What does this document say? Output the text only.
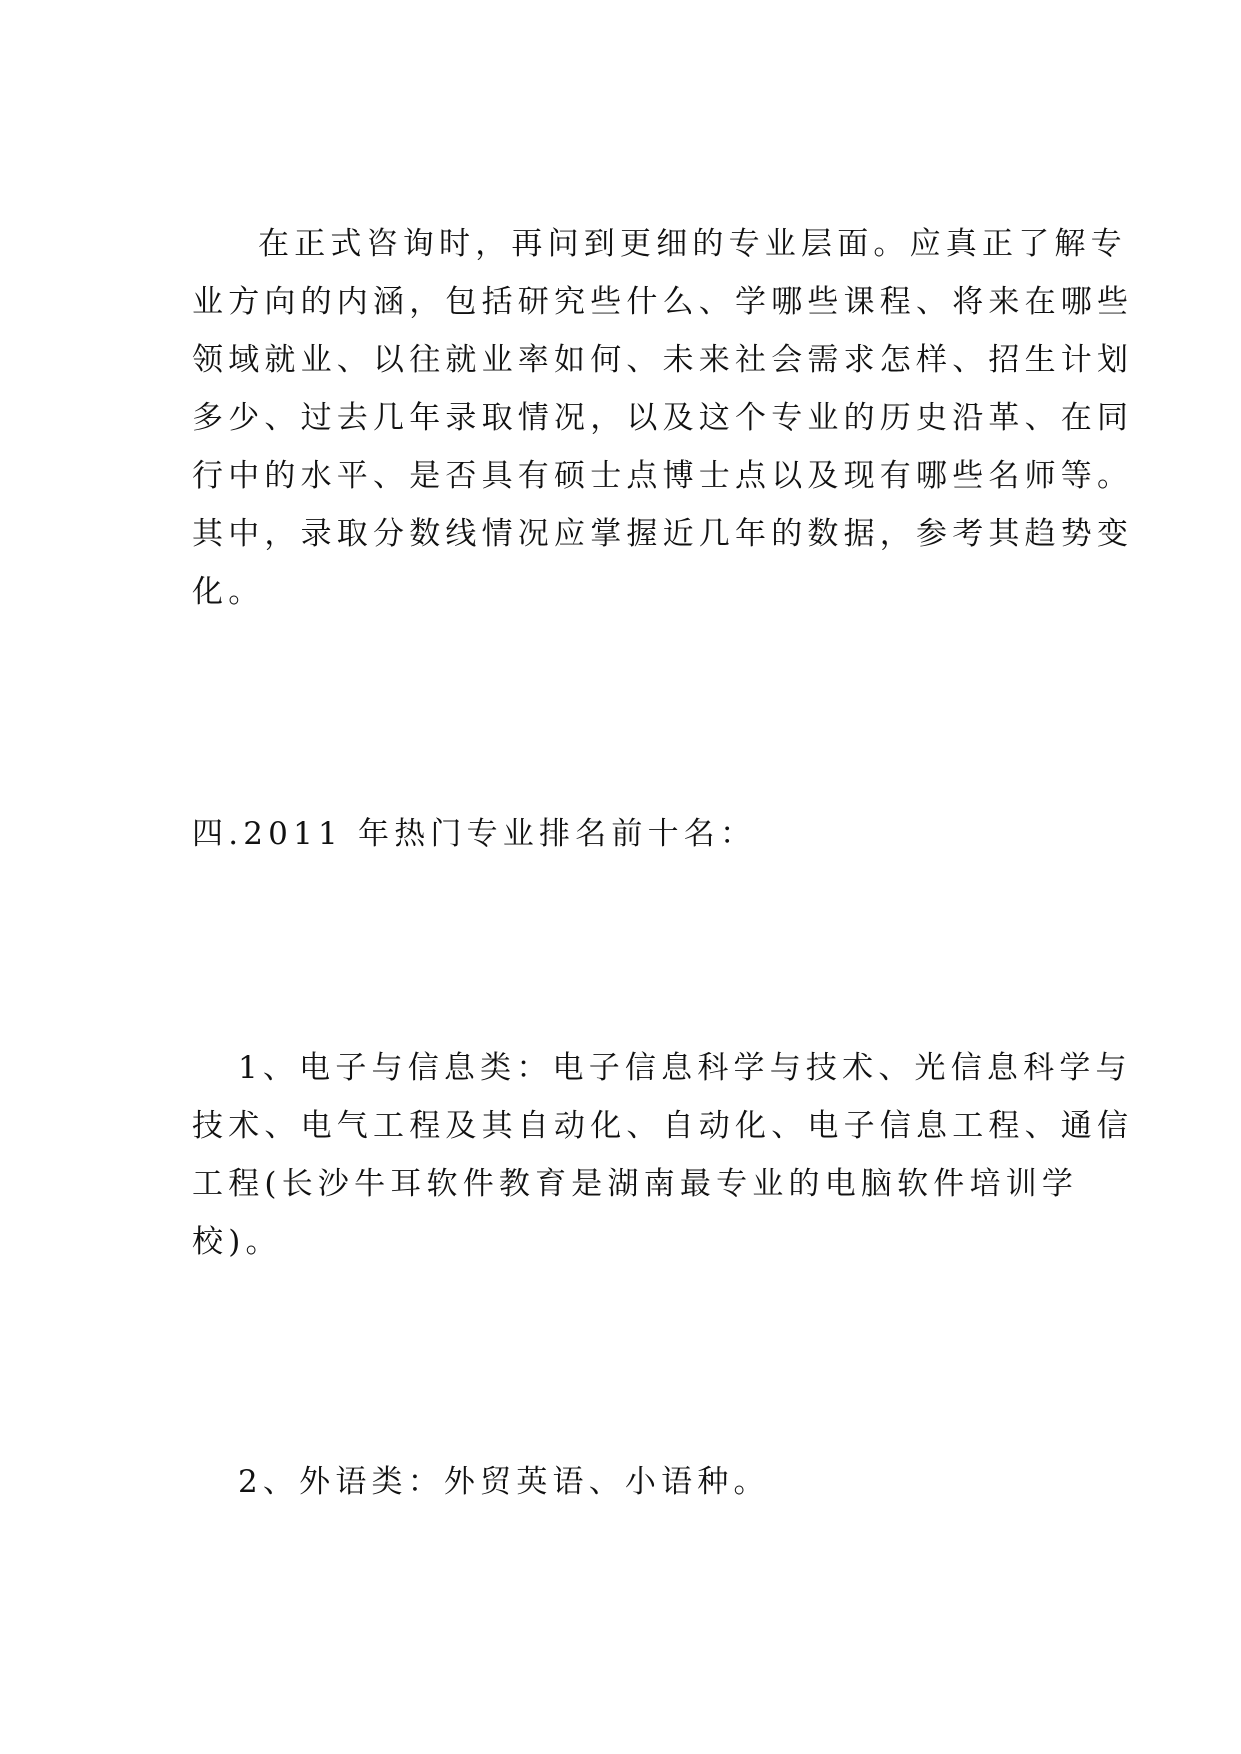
在正式咨询时，再问到更细的专业层面。应真正了解专

业方向的内涵，包括研究些什么、学哪些课程、将来在哪些

领域就业、以往就业率如何、未来社会需求怎样、招生计划

多少、过去几年录取情况，以及这个专业的历史沿革、在同

行中的水平、是否具有硕士点博士点以及现有哪些名师等。

其中，录取分数线情况应掌握近几年的数据，参考其趋势变

化。

四.2011 年热门专业排名前十名：

1、电子与信息类：电子信息科学与技术、光信息科学与

技术、电气工程及其自动化、自动化、电子信息工程、通信

工程(长沙牛耳软件教育是湖南最专业的电脑软件培训学

校)。

2、外语类：外贸英语、小语种。
